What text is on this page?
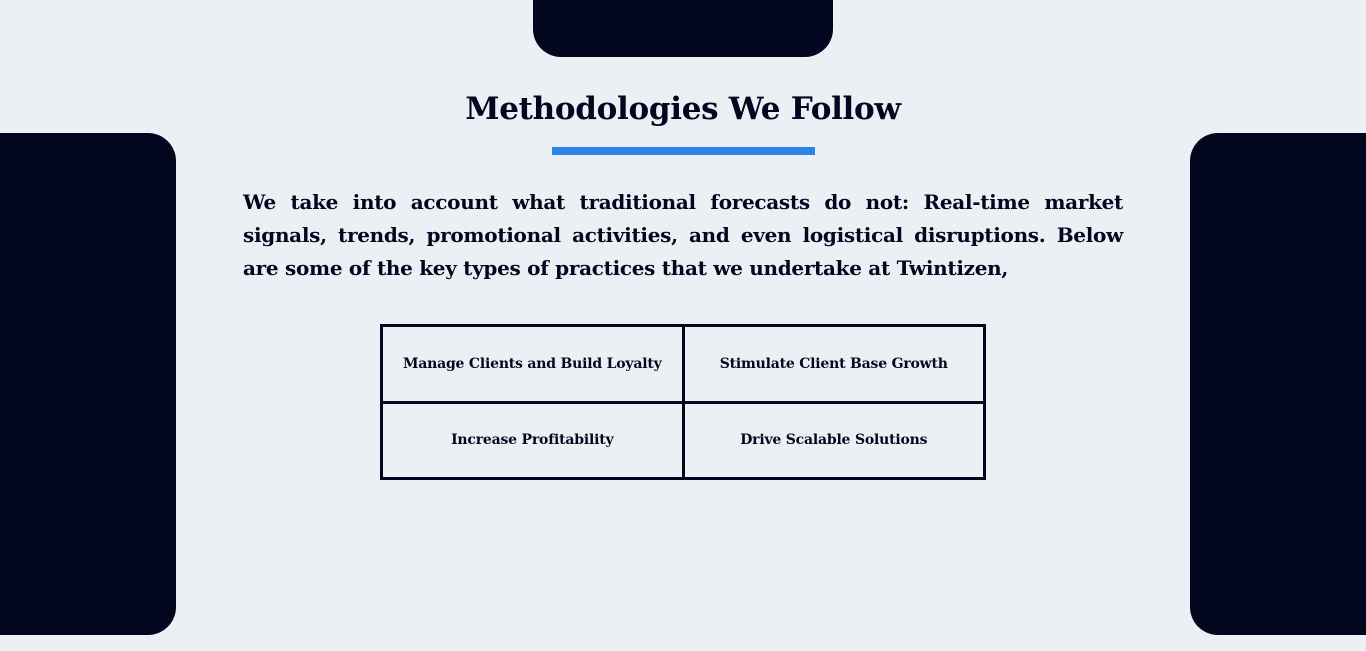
Methodologies We Follow

We take into account what traditional forecasts do not: Real-time market signals, trends, promotional activities, and even logistical disruptions. Below are some of the key types of practices that we undertake at Twintizen,

Manage Clients and Build Loyalty	Stimulate Client Base Growth
Increase Profitability	Drive Scalable Solutions
